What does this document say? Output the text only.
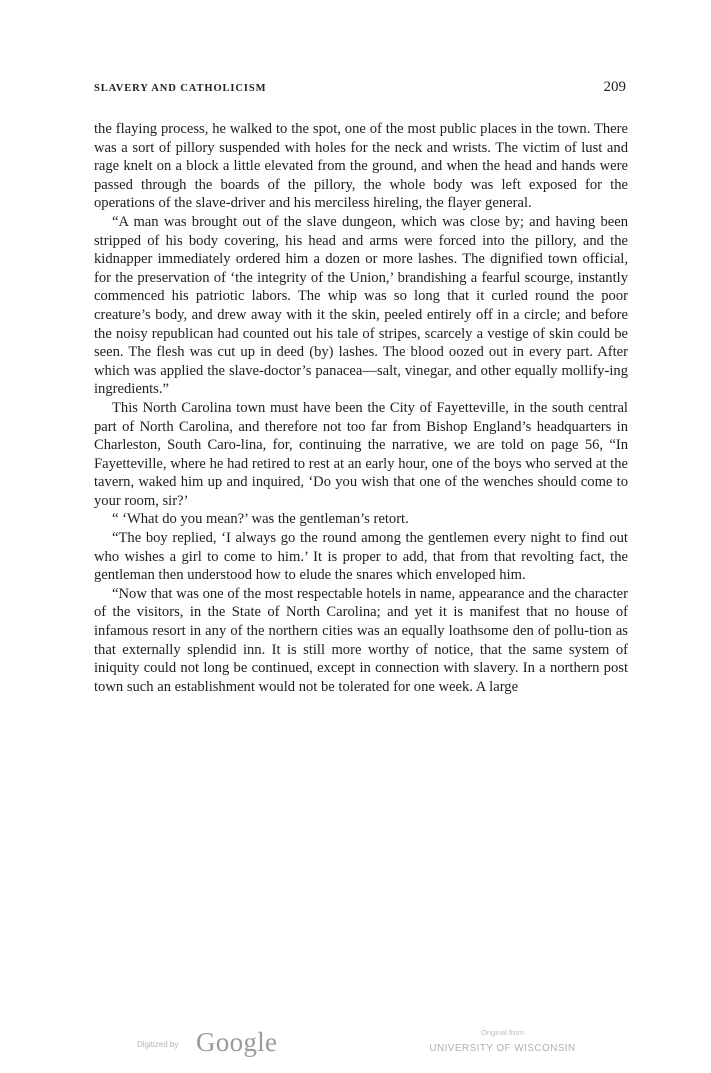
SLAVERY AND CATHOLICISM	209

the flaying process, he walked to the spot, one of the most public places in the town. There was a sort of pillory suspended with holes for the neck and wrists. The victim of lust and rage knelt on a block a little elevated from the ground, and when the head and hands were passed through the boards of the pillory, the whole body was left exposed for the operations of the slave-driver and his merciless hireling, the flayer general.

“A man was brought out of the slave dungeon, which was close by; and having been stripped of his body covering, his head and arms were forced into the pillory, and the kidnapper immediately ordered him a dozen or more lashes. The dignified town official, for the preservation of ‘the integrity of the Union,’ brandishing a fearful scourge, instantly commenced his patriotic labors. The whip was so long that it curled round the poor creature’s body, and drew away with it the skin, peeled entirely off in a circle; and before the noisy republican had counted out his tale of stripes, scarcely a vestige of skin could be seen. The flesh was cut up in deed (by) lashes. The blood oozed out in every part. After which was applied the slave-doctor’s panacea—salt, vinegar, and other equally mollify-ing ingredients.”

This North Carolina town must have been the City of Fayetteville, in the south central part of North Carolina, and therefore not too far from Bishop England’s headquarters in Charleston, South Caro-lina, for, continuing the narrative, we are told on page 56, “In Fayetteville, where he had retired to rest at an early hour, one of the boys who served at the tavern, waked him up and inquired, ‘Do you wish that one of the wenches should come to your room, sir?’

“ ‘What do you mean?’ was the gentleman’s retort.

“The boy replied, ‘I always go the round among the gentlemen every night to find out who wishes a girl to come to him.’ It is proper to add, that from that revolting fact, the gentleman then understood how to elude the snares which enveloped him.

“Now that was one of the most respectable hotels in name, appearance and the character of the visitors, in the State of North Carolina; and yet it is manifest that no house of infamous resort in any of the northern cities was an equally loathsome den of pollu-tion as that externally splendid inn. It is still more worthy of notice, that the same system of iniquity could not long be continued, except in connection with slavery. In a northern post town such an establishment would not be tolerated for one week. A large

Digitized by Google	Original from
UNIVERSITY OF WISCONSIN
